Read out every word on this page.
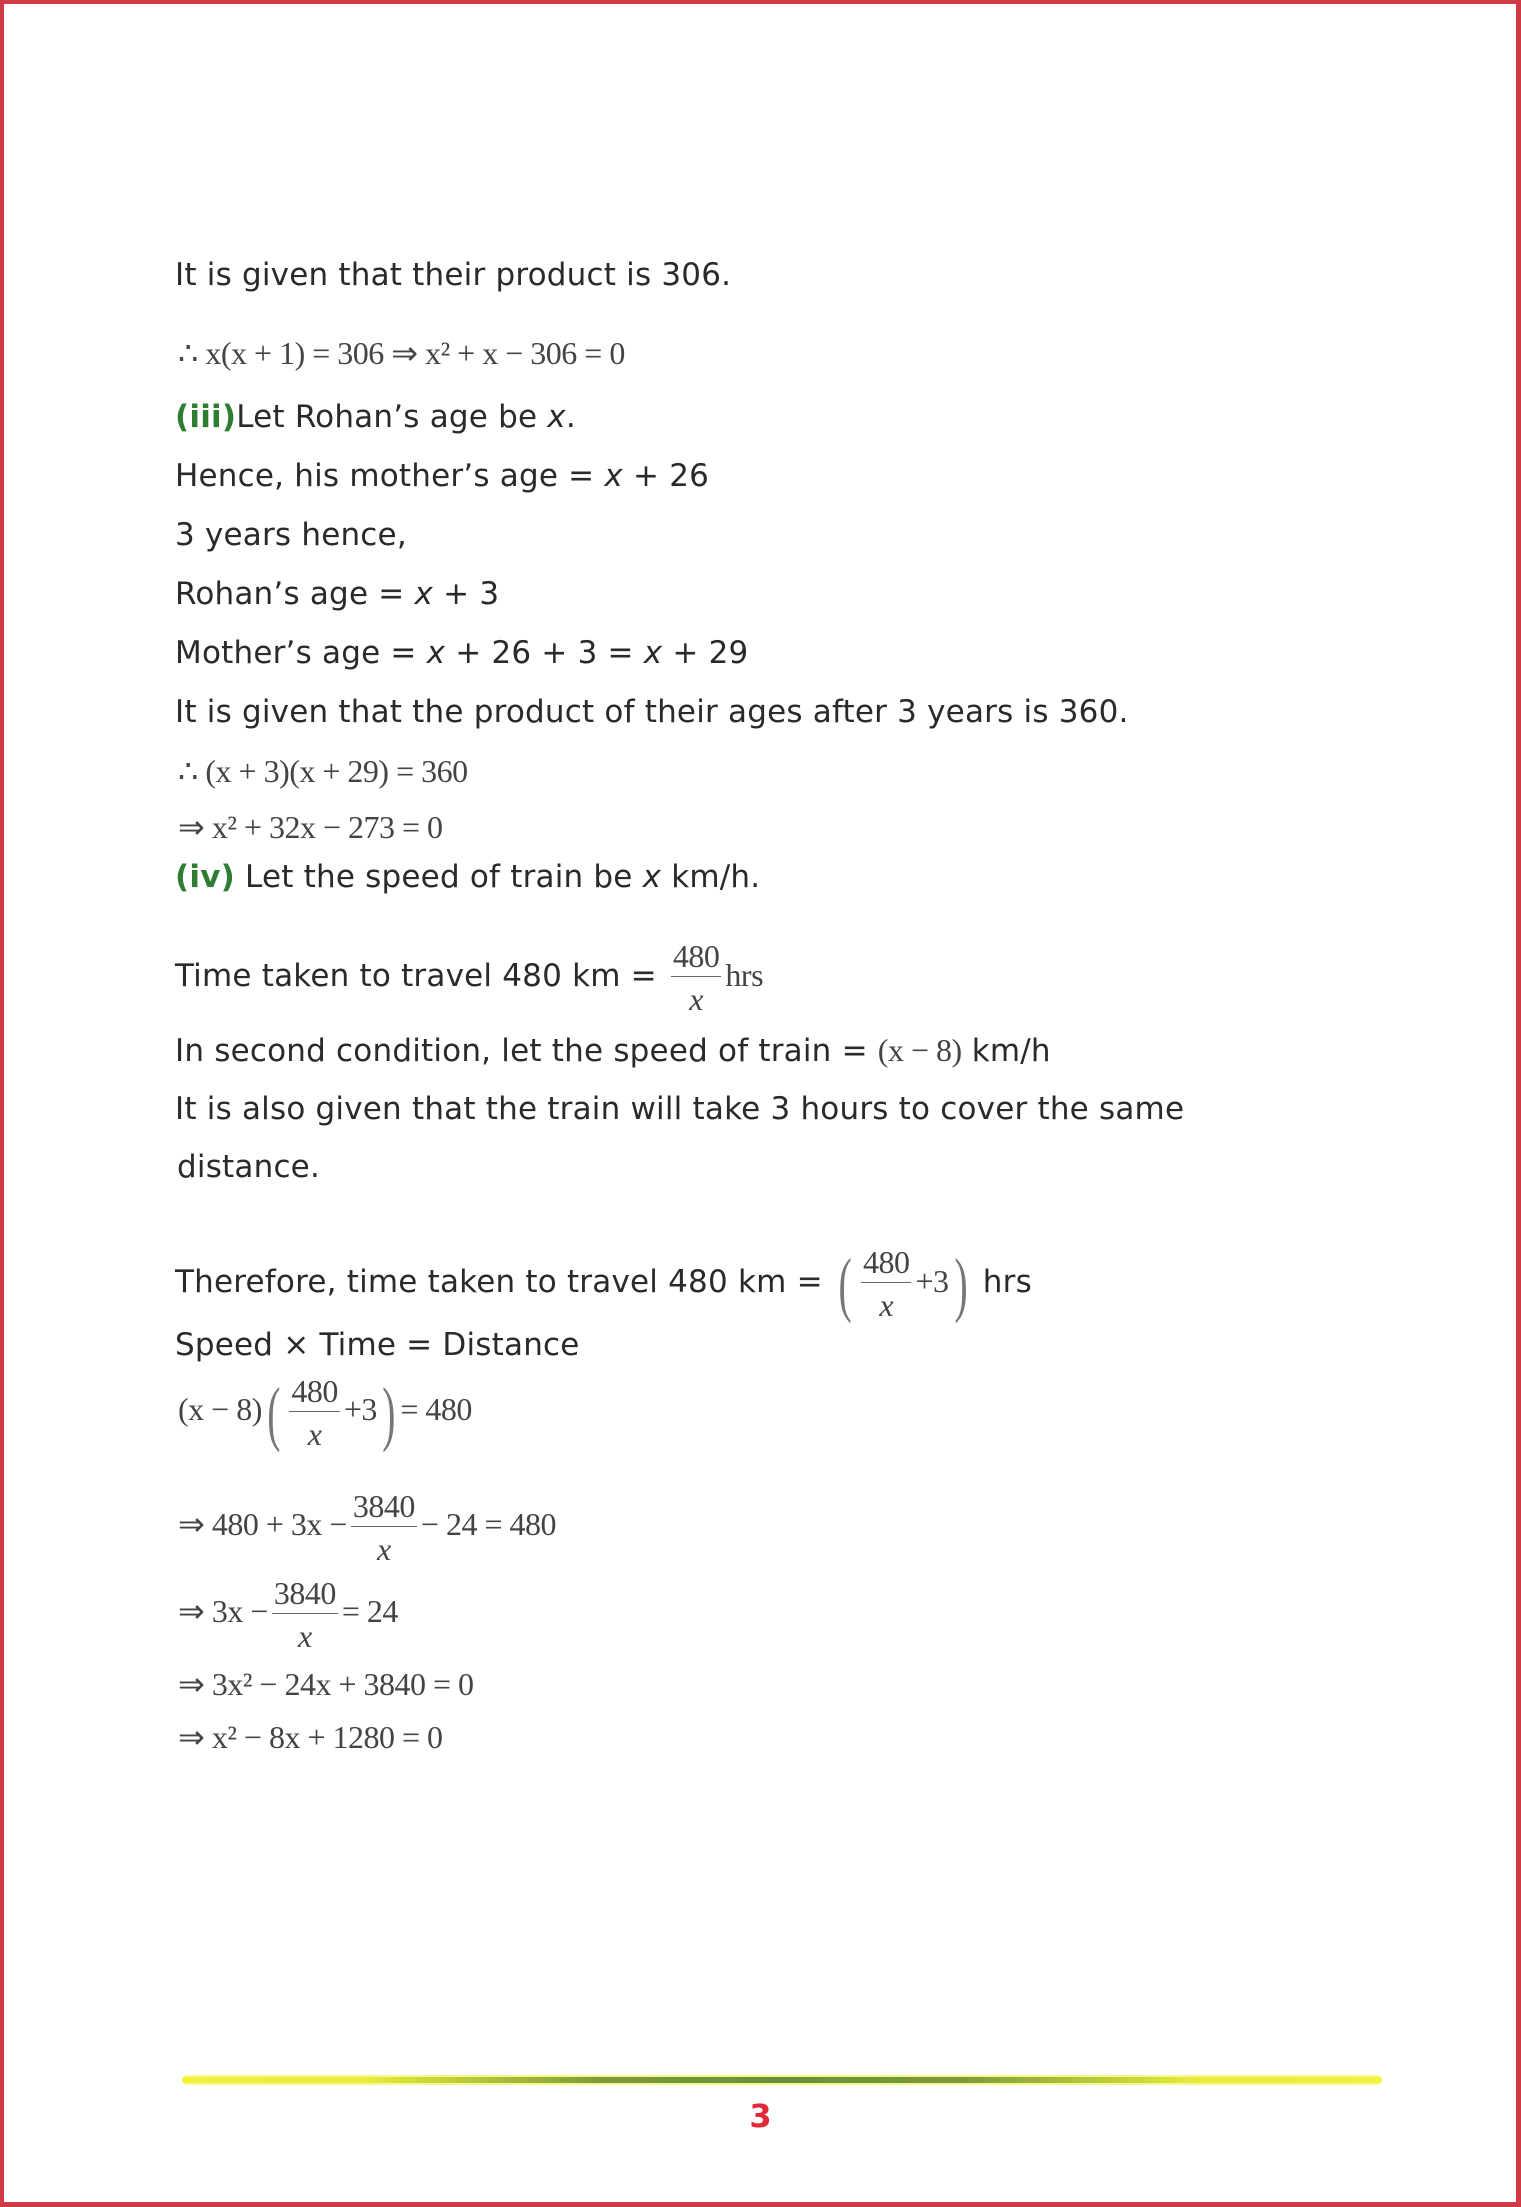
It is given that their product is 306.
∴ x(x + 1) = 306 ⇒ x² + x − 306 = 0
(iii)Let Rohan’s age be x.
Hence, his mother’s age = x + 26
3 years hence,
Rohan’s age = x + 3
Mother’s age = x + 26 + 3 = x + 29
It is given that the product of their ages after 3 years is 360.
∴ (x + 3)(x + 29) = 360
⇒ x² + 32x − 273 = 0
(iv) Let the speed of train be x km/h.
Time taken to travel 480 km = $\frac{480}{x}$ hrs
In second condition, let the speed of train = (x − 8) km/h
It is also given that the train will take 3 hours to cover the same
distance.
Therefore, time taken to travel 480 km = ( $\frac{480}{x} +3$) hrs
Speed × Time = Distance
$(x - 8)( \frac{480}{x} +3) = 480$
⇒ $480 + 3x - \frac{3840}{x} - 24 = 480$
⇒ $3x - \frac{3840}{x} = 24$
⇒ 3x² − 24x + 3840 = 0
⇒ x² − 8x + 1280 = 0
3
